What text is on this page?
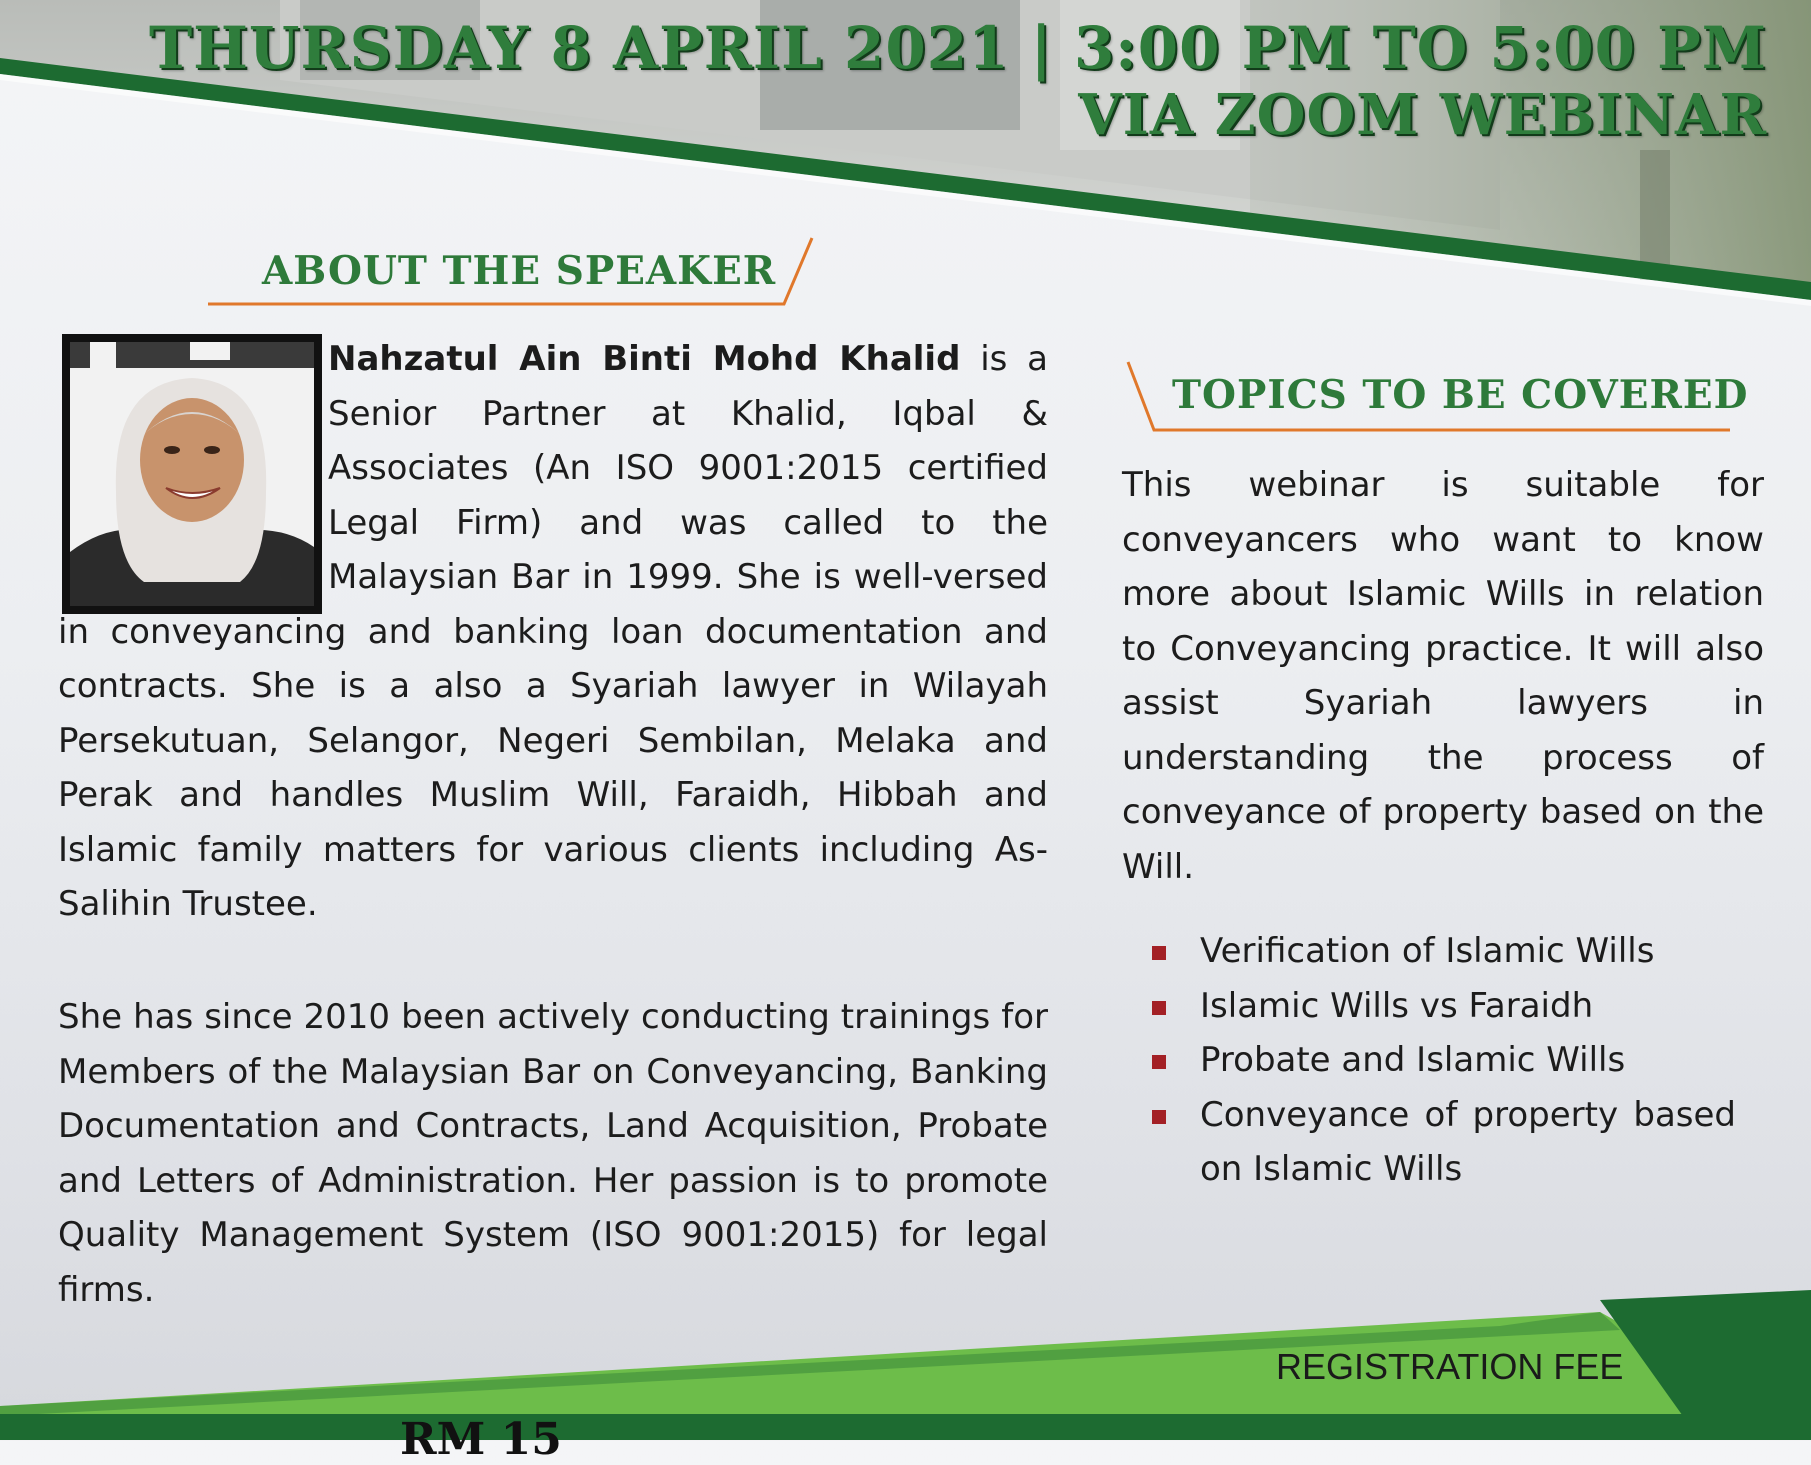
THURSDAY 8 APRIL 2021 | 3:00 PM TO 5:00 PM
VIA ZOOM WEBINAR
ABOUT THE SPEAKER

Nahzatul Ain Binti Mohd Khalid is a Senior Partner at Khalid, Iqbal & Associates (An ISO 9001:2015 certified Legal Firm) and was called to the Malaysian Bar in 1999. She is well-versed in conveyancing and banking loan documentation and contracts. She is a also a Syariah lawyer in Wilayah Persekutuan, Selangor, Negeri Sembilan, Melaka and Perak and handles Muslim Will, Faraidh, Hibbah and Islamic family matters for various clients including As-Salihin Trustee.

She has since 2010 been actively conducting trainings for Members of the Malaysian Bar on Conveyancing, Banking Documentation and Contracts, Land Acquisition, Probate and Letters of Administration. Her passion is to promote Quality Management System (ISO 9001:2015) for legal firms.

TOPICS TO BE COVERED

This webinar is suitable for conveyancers who want to know more about Islamic Wills in relation to Conveyancing practice. It will also assist Syariah lawyers in understanding the process of conveyance of property based on the Will.

Verification of Islamic Wills
Islamic Wills vs Faraidh
Probate and Islamic Wills
Conveyance of property based on Islamic Wills
REGISTRATION FEE
RM 15
